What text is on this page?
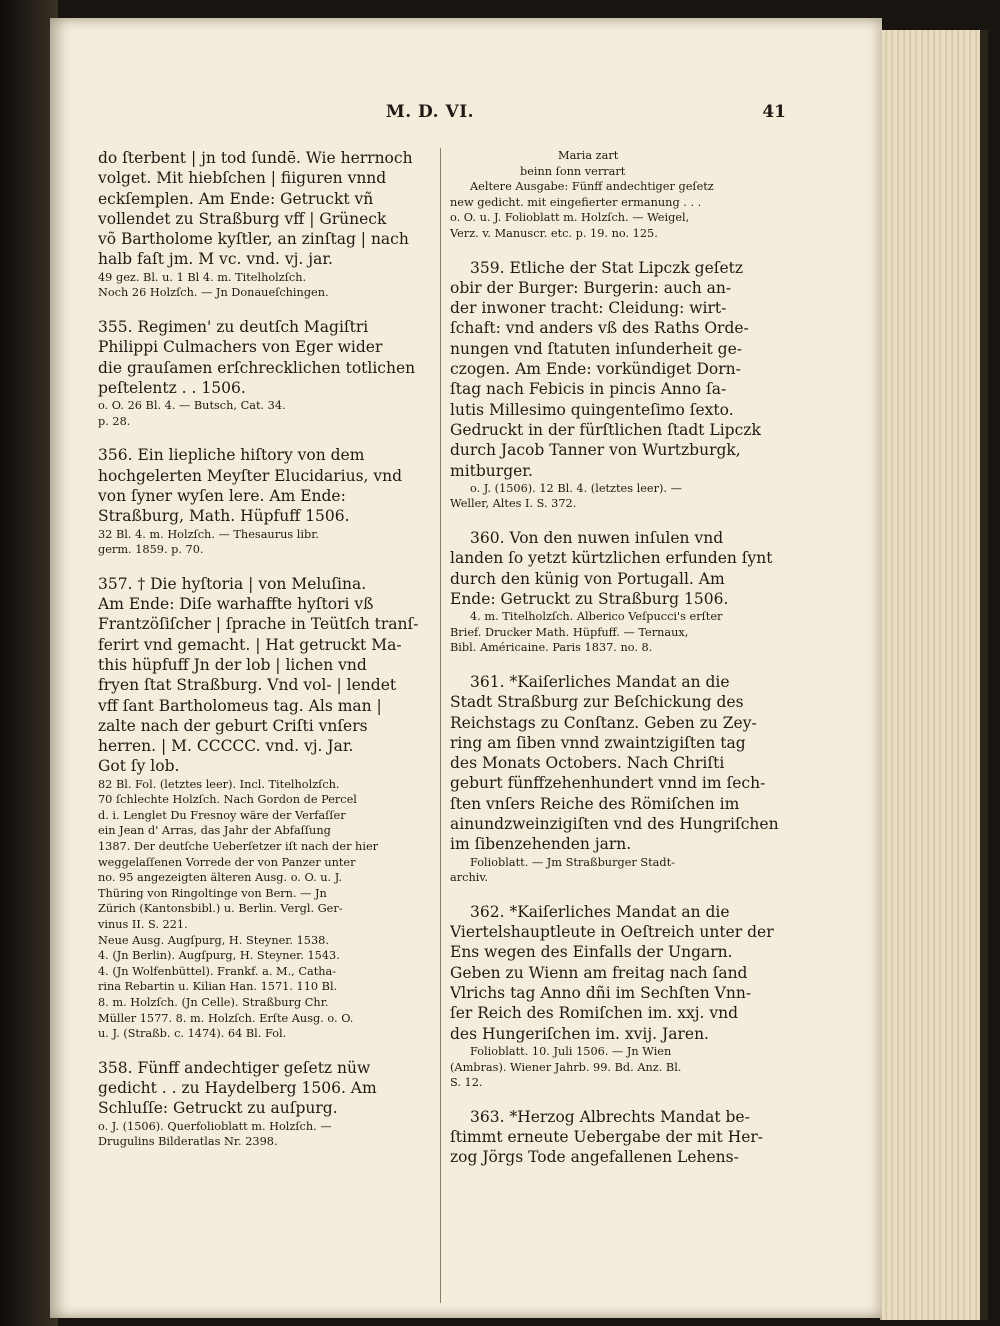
M. D. VI.	41
do ſterbent | jn tod ſundē. Wie herrnoch
volget. Mit hiebſchen | fiiguren vnnd
eckſemplen. Am Ende: Getruckt vñ
vollendet zu Straßburg vff | Grüneck
võ Bartholome kyſtler, an zinſtag | nach
halb faſt jm. M vc. vnd. vj. jar.
49 gez. Bl. u. 1 Bl 4. m. Titelholzſch.
Noch 26 Holzſch. — Jn Donaueſchingen.
355. Regimen' zu deutſch Magiſtri
Philippi Culmachers von Eger wider
die grauſamen erſchrecklichen totlichen
peſtelentz . . 1506.
o. O. 26 Bl. 4. — Butsch, Cat. 34.
p. 28.
356. Ein liepliche hiſtory von dem
hochgelerten Meyſter Elucidarius, vnd
von ſyner wyſen lere. Am Ende:
Straßburg, Math. Hüpfuff 1506.
32 Bl. 4. m. Holzſch. — Thesaurus libr.
germ. 1859. p. 70.
357. † Die hyſtoria | von Meluſina.
Am Ende: Diſe warhaffte hyſtori vß
Frantzöſiſcher | ſprache in Teütſch tranſ-
ferirt vnd gemacht. | Hat getruckt Ma-
this hüpfuff Jn der lob | lichen vnd
fryen ſtat Straßburg. Vnd vol- | lendet
vff ſant Bartholomeus tag. Als man |
zalte nach der geburt Criſti vnſers
herren. | M. CCCCC. vnd. vj. Jar.
Got ſy lob.
82 Bl. Fol. (letztes leer). Incl. Titelholzſch.
70 ſchlechte Holzſch. Nach Gordon de Percel
d. i. Lenglet Du Fresnoy wäre der Verfaſſer
ein Jean d' Arras, das Jahr der Abfaſſung
1387. Der deutſche Ueberſetzer iſt nach der hier
weggelaſſenen Vorrede der von Panzer unter
no. 95 angezeigten älteren Ausg. o. O. u. J.
Thüring von Ringoltinge von Bern. — Jn
Zürich (Kantonsbibl.) u. Berlin. Vergl. Ger-
vinus II. S. 221.
Neue Ausg. Augſpurg, H. Steyner. 1538.
4. (Jn Berlin). Augſpurg, H. Steyner. 1543.
4. (Jn Wolfenbüttel). Frankf. a. M., Catha-
rina Rebartin u. Kilian Han. 1571. 110 Bl.
8. m. Holzſch. (Jn Celle). Straßburg Chr.
Müller 1577. 8. m. Holzſch. Erſte Ausg. o. O.
u. J. (Straßb. c. 1474). 64 Bl. Fol.
358. Fünff andechtiger geſetz nüw
gedicht . . zu Haydelberg 1506. Am
Schluſſe: Getruckt zu auſpurg.
o. J. (1506). Querfolioblatt m. Holzſch. —
Drugulins Bilderatlas Nr. 2398.
Maria zart
beinn ſonn verrart
Aeltere Ausgabe: Fünff andechtiger geſetz
new gedicht. mit eingefierter ermanung . . .
o. O. u. J. Folioblatt m. Holzſch. — Weigel,
Verz. v. Manuscr. etc. p. 19. no. 125.
359. Etliche der Stat Lipczk geſetz
obir der Burger: Burgerin: auch an-
der inwoner tracht: Cleidung: wirt-
ſchaft: vnd anders vß des Raths Orde-
nungen vnd ſtatuten inſunderheit ge-
czogen. Am Ende: vorkündiget Dorn-
ſtag nach Febicis in pincis Anno ſa-
lutis Millesimo quingenteſimo ſexto.
Gedruckt in der fürſtlichen ſtadt Lipczk
durch Jacob Tanner von Wurtzburgk,
mitburger.
o. J. (1506). 12 Bl. 4. (letztes leer). —
Weller, Altes I. S. 372.
360. Von den nuwen inſulen vnd
landen ſo yetzt kürtzlichen erfunden ſynt
durch den künig von Portugall. Am
Ende: Getruckt zu Straßburg 1506.
4. m. Titelholzſch. Alberico Veſpucci's erſter
Brief. Drucker Math. Hüpfuff. — Ternaux,
Bibl. Américaine. Paris 1837. no. 8.
361. *Kaiſerliches Mandat an die
Stadt Straßburg zur Beſchickung des
Reichstags zu Conſtanz. Geben zu Zey-
ring am ſiben vnnd zwaintzigiſten tag
des Monats Octobers. Nach Chriſti
geburt fünffzehenhundert vnnd im ſech-
ſten vnſers Reiche des Römiſchen im
ainundzweinzigiſten vnd des Hungriſchen
im ſibenzehenden jarn.
Folioblatt. — Jm Straßburger Stadt-
archiv.
362. *Kaiſerliches Mandat an die
Viertelshauptleute in Oeſtreich unter der
Ens wegen des Einfalls der Ungarn.
Geben zu Wienn am freitag nach ſand
Vlrichs tag Anno dñi im Sechſten Vnn-
ſer Reich des Romiſchen im. xxj. vnd
des Hungeriſchen im. xvij. Jaren.
Folioblatt. 10. Juli 1506. — Jn Wien
(Ambras). Wiener Jahrb. 99. Bd. Anz. Bl.
S. 12.
363. *Herzog Albrechts Mandat be-
ſtimmt erneute Uebergabe der mit Her-
zog Jörgs Tode angefallenen Lehens-
